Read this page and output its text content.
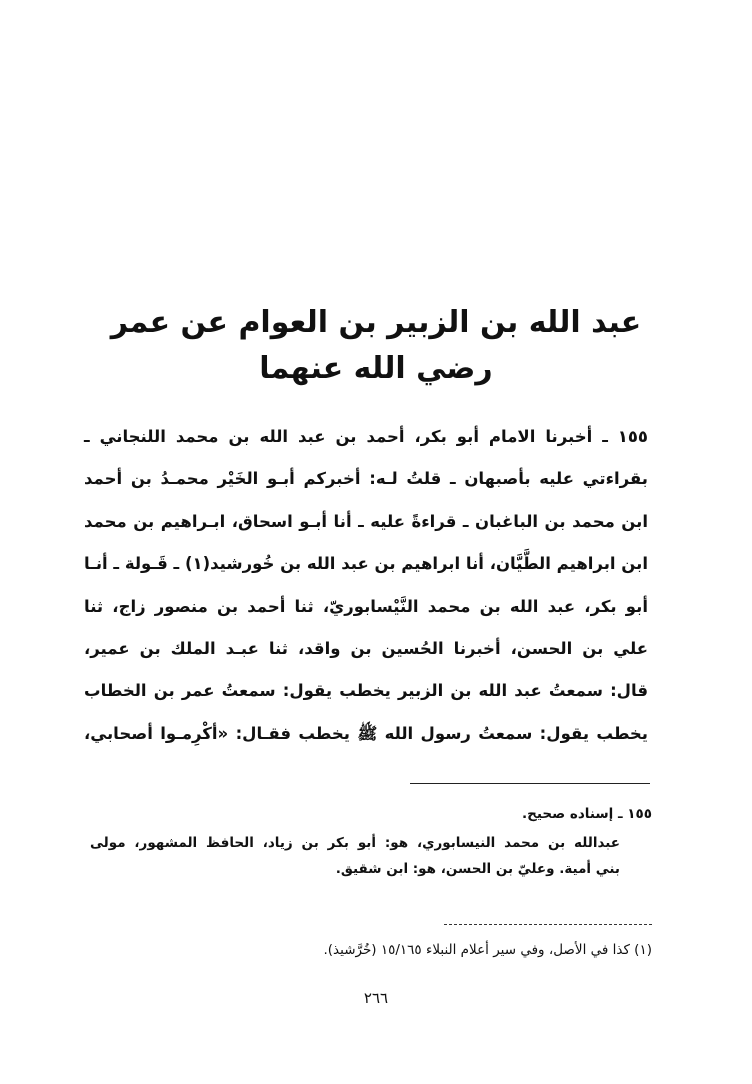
عبد الله بن الزبير بن العوام عن عمر
رضي الله عنهما
١٥٥ ـ أخبرنا الامام أبو بكر، أحمد بن عبد الله بن محمد اللنجاني ـ
بقراءتي عليه بأصبهان ـ قلتُ لـه: أخبركم أبـو الخَيْر محمـدُ بن أحمد
ابن محمد بن الباغبان ـ قراءةً عليه ـ أنا أبـو اسحاق، ابـراهيم بن محمد
ابن ابراهيم الطَّيَّان، أنا ابراهيم بن عبد الله بن خُورشيد(١) ـ قَـولة ـ أنـا
أبو بكر، عبد الله بن محمد النَّيْسابوريّ، ثنا أحمد بن منصور زاج، ثنا
علي بن الحسن، أخبرنا الحُسين بن واقد، ثنا عبـد الملك بن عمير،
قال: سمعتُ عبد الله بن الزبير يخطب يقول: سمعتُ عمر بن الخطاب
يخطب يقول: سمعتُ رسول الله ﷺ يخطب فقـال: «أكْرِمـوا أصحابي،
١٥٥ ـ إسناده صحيح.
عبدالله بن محمد النيسابوري، هو: أبو بكر بن زياد، الحافظ المشهور، مولى
بني أمية. وعليّ بن الحسن، هو: ابن شقيق.
(١) كذا في الأصل، وفي سير أعلام النبلاء ١٥/١٦٥ (خُرَّشيذ).
٢٦٦
